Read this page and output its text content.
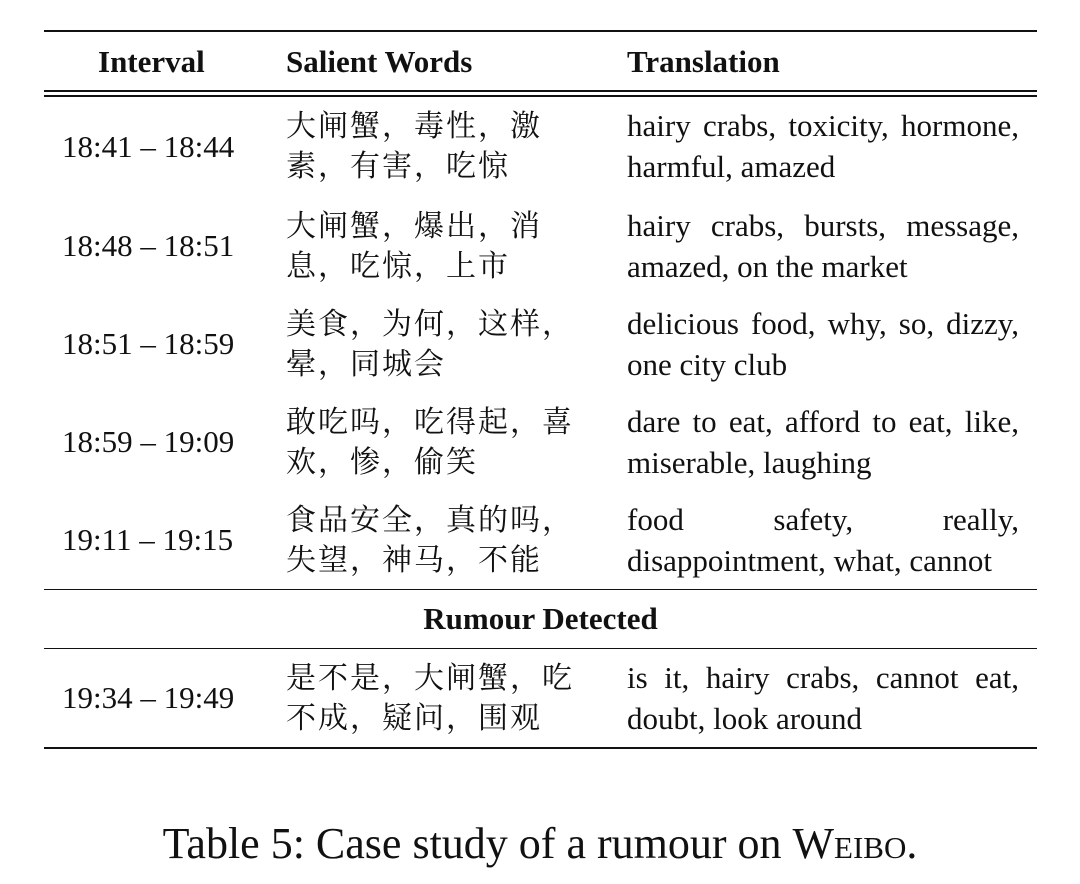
Interval	Salient Words	Translation
18:41 – 18:44
大闸蟹，毒性，激素，有害，吃惊
hairy crabs, toxicity, hormone, harmful, amazed
18:48 – 18:51
大闸蟹，爆出，消息，吃惊，上市
hairy crabs, bursts, message, amazed, on the market
18:51 – 18:59
美食，为何，这样，晕，同城会
delicious food, why, so, dizzy, one city club
18:59 – 19:09
敢吃吗，吃得起，喜欢，惨，偷笑
dare to eat, afford to eat, like, miserable, laughing
19:11 – 19:15
食品安全，真的吗，失望，神马，不能
food safety, really, disappointment, what, cannot
Rumour Detected
19:34 – 19:49
是不是，大闸蟹，吃不成，疑问，围观
is it, hairy crabs, cannot eat, doubt, look around
Table 5: Case study of a rumour on Weibo.
